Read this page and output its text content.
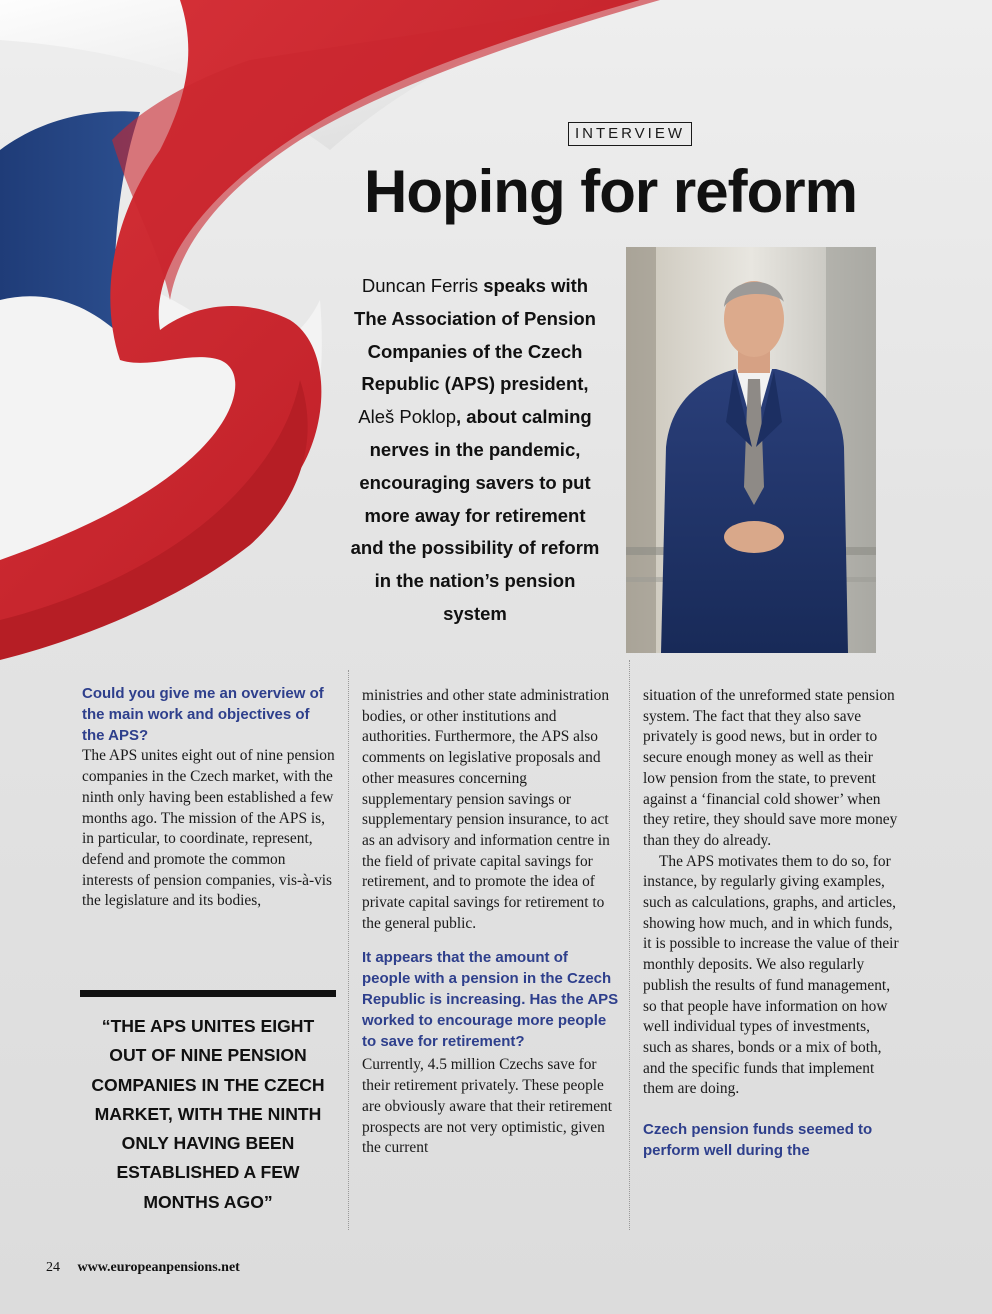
INTERVIEW
Hoping for reform

Duncan Ferris speaks with The Association of Pension Companies of the Czech Republic (APS) president, Aleš Poklop, about calming nerves in the pandemic, encouraging savers to put more away for retirement and the possibility of reform in the nation’s pension system

Could you give me an overview of the main work and objectives of the APS?

The APS unites eight out of nine pension companies in the Czech market, with the ninth only having been established a few months ago. The mission of the APS is, in particular, to coordinate, represent, defend and promote the common interests of pension companies, vis-à-vis the legislature and its bodies,

“THE APS UNITES EIGHT OUT OF NINE PENSION COMPANIES IN THE CZECH MARKET, WITH THE NINTH ONLY HAVING BEEN ESTABLISHED A FEW MONTHS AGO”

ministries and other state administration bodies, or other institutions and authorities. Furthermore, the APS also comments on legislative proposals and other measures concerning supplementary pension savings or supplementary pension insurance, to act as an advisory and information centre in the field of private capital savings for retirement, and to promote the idea of private capital savings for retirement to the general public.

It appears that the amount of people with a pension in the Czech Republic is increasing. Has the APS worked to encourage more people to save for retirement?

Currently, 4.5 million Czechs save for their retirement privately. These people are obviously aware that their retirement prospects are not very optimistic, given the current

situation of the unreformed state pension system. The fact that they also save privately is good news, but in order to secure enough money as well as their low pension from the state, to prevent against a ‘financial cold shower’ when they retire, they should save more money than they do already.

The APS motivates them to do so, for instance, by regularly giving examples, such as calculations, graphs, and articles, showing how much, and in which funds, it is possible to increase the value of their monthly deposits. We also regularly publish the results of fund management, so that people have information on how well individual types of investments, such as shares, bonds or a mix of both, and the specific funds that implement them are doing.

Czech pension funds seemed to perform well during the

24 www.europeanpensions.net
